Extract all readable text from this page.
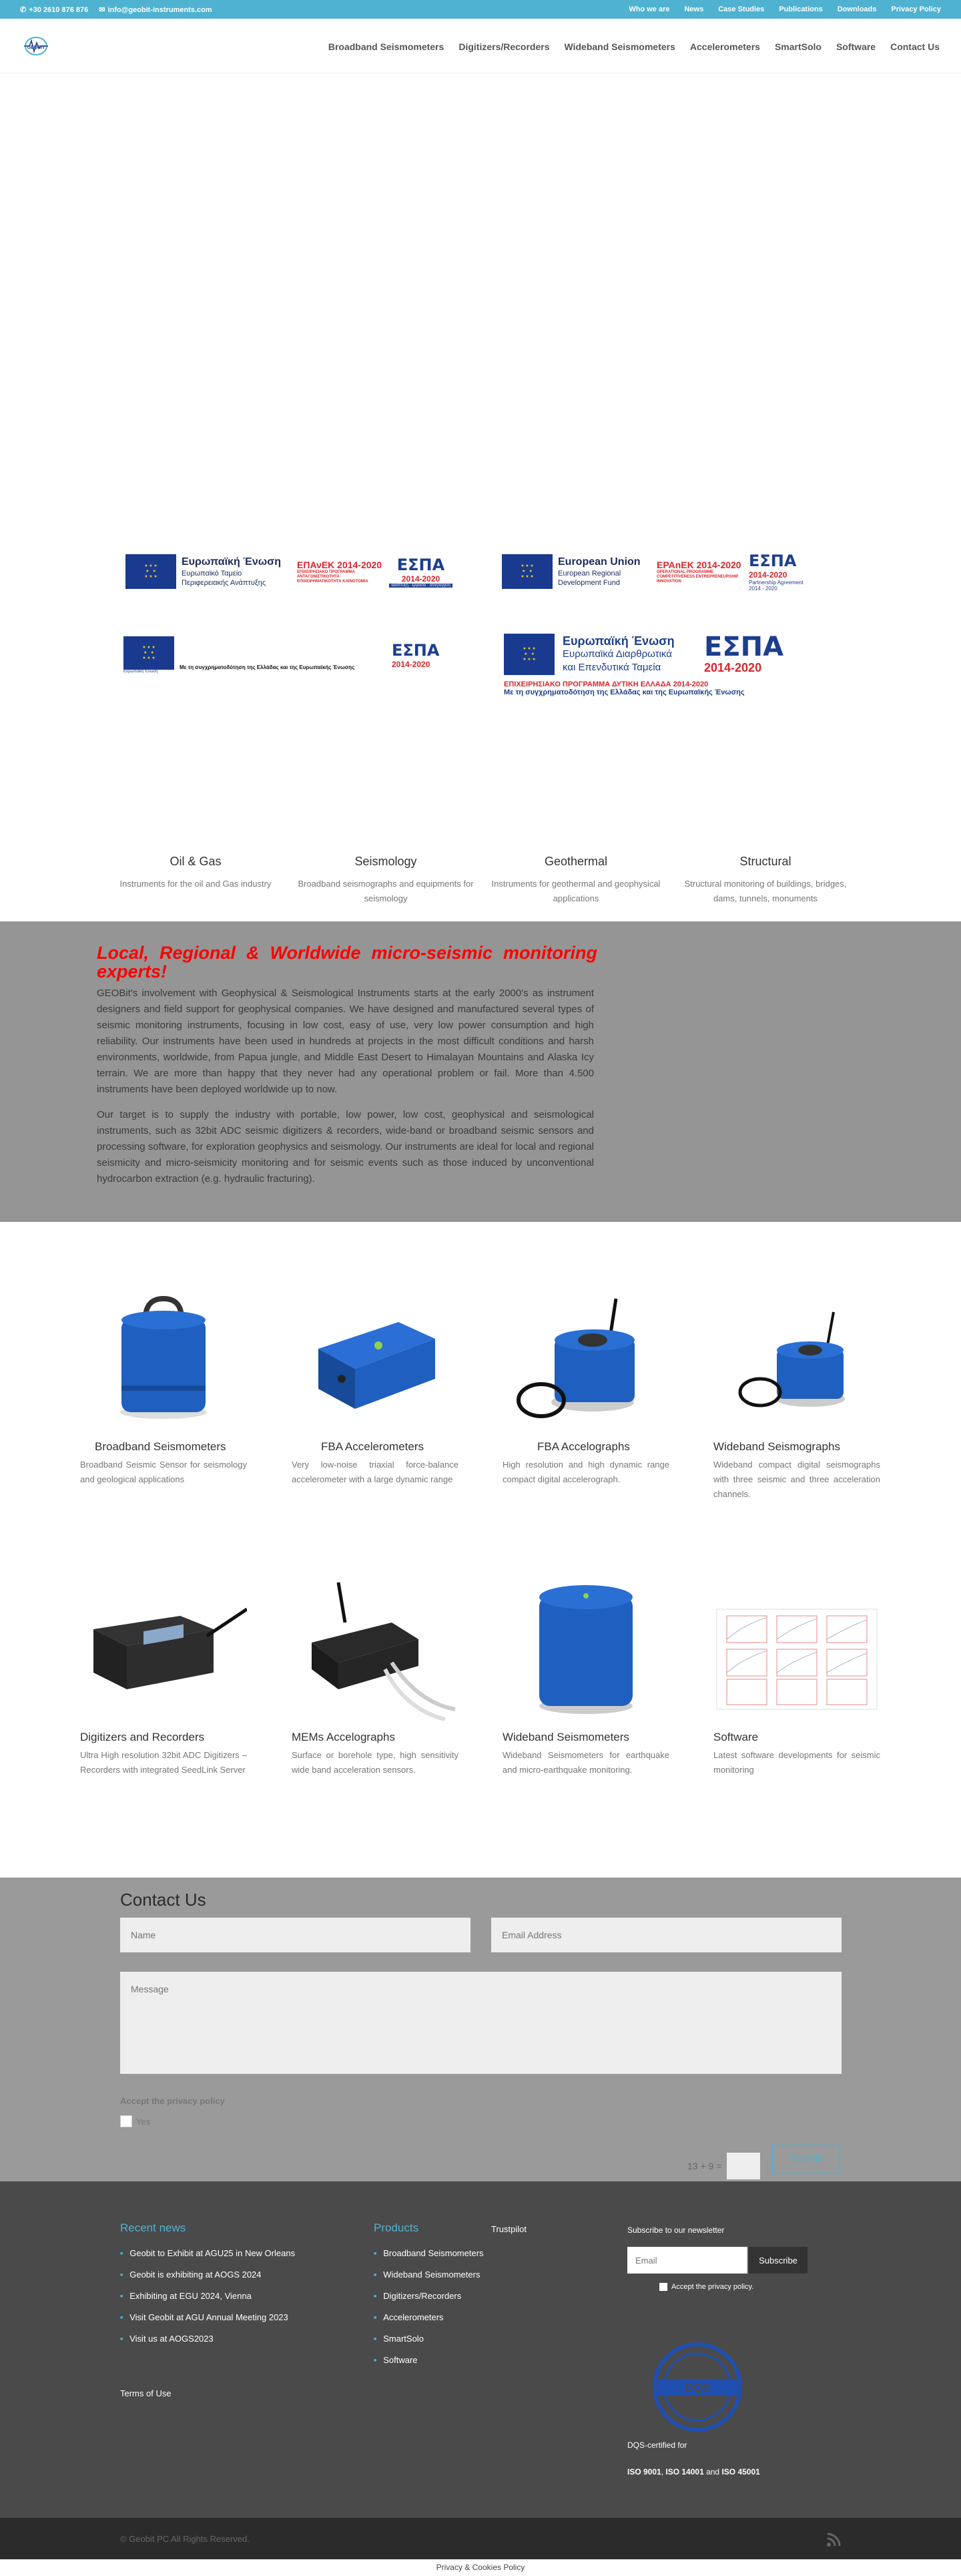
✆ +30 2610 876 876 ✉ info@geobit-instruments.com	Who we are News Case Studies Publications Downloads Privacy Policy
GEOBIT	Broadband Seismometers Digitizers/Recorders Wideband Seismometers Accelerometers SmartSolo Software Contact Us
★ ★ ★ ★ ★ ★ ★ ★
Ευρωπαϊκή Ένωση
Ευρωπαϊκό Ταμείο
Περιφερειακής Ανάπτυξης
ΕΠΑνΕΚ 2014-2020
ΕΠΙΧΕΙΡΗΣΙΑΚΟ ΠΡΟΓΡΑΜΜΑ ΑΝΤΑΓΩΝΙΣΤΙΚΟΤΗΤΑ ΕΠΙΧΕΙΡΗΜΑΤΙΚΟΤΗΤΑ ΚΑΙΝΟΤΟΜΙΑ
ΕΣΠΑ
2014-2020
ανάπτυξη - εργασία - αλληλεγγύη
★ ★ ★ ★ ★ ★ ★ ★
European Union
European Regional
Development Fund
EPAnEK 2014-2020
OPERATIONAL PROGRAMME COMPETITIVENESS ENTREPRENEURSHIP INNOVATION
ΕΣΠΑ
2014-2020
Partnership Agreement 2014 - 2020
★ ★ ★ ★ ★ ★ ★ ★
Ευρωπαϊκή Ένωση
Με τη συγχρηματοδότηση της Ελλάδας και της Ευρωπαϊκής Ένωσης
ΕΣΠΑ
2014-2020
★ ★ ★ ★ ★ ★ ★ ★
Ευρωπαϊκή Ένωση
Ευρωπαϊκά Διαρθρωτικά
και Επενδυτικά Ταμεία
ΕΣΠΑ
2014-2020
ΕΠΙΧΕΙΡΗΣΙΑΚΟ ΠΡΟΓΡΑΜΜΑ ΔΥΤΙΚΗ ΕΛΛΑΔΑ 2014-2020
Με τη συγχρηματοδότηση της Ελλάδας και της Ευρωπαϊκής Ένωσης
Oil & Gas

Instruments for the oil and Gas industry

Seismology

Broadband seismographs and equipments for seismology

Geothermal

Instruments for geothermal and geophysical applications

Structural

Structural monitoring of buildings, bridges, dams, tunnels, monuments

Local, Regional & Worldwide micro-seismic monitoring experts!

GEOBit's involvement with Geophysical & Seismological Instruments starts at the early 2000's as instrument designers and field support for geophysical companies. We have designed and manufactured several types of seismic monitoring instruments, focusing in low cost, easy of use, very low power consumption and high reliability. Our instruments have been used in hundreds at projects in the most difficult conditions and harsh environments, worldwide, from Papua jungle, and Middle East Desert to Himalayan Mountains and Alaska Icy terrain. We are more than happy that they never had any operational problem or fail. More than 4.500 instruments have been deployed worldwide up to now.

Our target is to supply the industry with portable, low power, low cost, geophysical and seismological instruments, such as 32bit ADC seismic digitizers & recorders, wide-band or broadband seismic sensors and processing software, for exploration geophysics and seismology. Our instruments are ideal for local and regional seismicity and micro-seismicity monitoring and for seismic events such as those induced by unconventional hydrocarbon extraction (e.g. hydraulic fracturing).

Broadband Seismometers

Broadband Seismic Sensor for seismology and geological applications

FBA Accelerometers

Very low-noise triaxial force-balance accelerometer with a large dynamic range

FBA Accelographs

High resolution and high dynamic range compact digital accelerograph.

Wideband Seismographs

Wideband compact digital seismographs with three seismic and three acceleration channels.

Digitizers and Recorders

Ultra High resolution 32bit ADC Digitizers – Recorders with integrated SeedLink Server

MEMs Accelographs

Surface or borehole type, high sensitivity wide band acceleration sensors.

Wideband Seismometers

Wideband Seismometers for earthquake and micro-earthquake monitoring.

Software

Latest software developments for seismic monitoring

Contact Us
Name
Email Address
Message
Accept the privacy policy
Yes
13 + 9 =
Submit
Recent news
■ Geobit to Exhibit at AGU25 in New Orleans
■ Geobit is exhibiting at AOGS 2024
■ Exhibiting at EGU 2024, Vienna
■ Visit Geobit at AGU Annual Meeting 2023
■ Visit us at AOGS2023
Products
■ Broadband Seismometers
■ Wideband Seismometers
■ Digitizers/Recorders
■ Accelerometers
■ SmartSolo
■ Software
Trustpilot	Subscribe to our newsletter
Email
Subscribe
Accept the privacy policy.
Terms of Use	DQS
DQS-certified for
ISO 9001, ISO 14001 and ISO 45001
© Geobit PC All Rights Reserved.
Privacy & Cookies Policy
